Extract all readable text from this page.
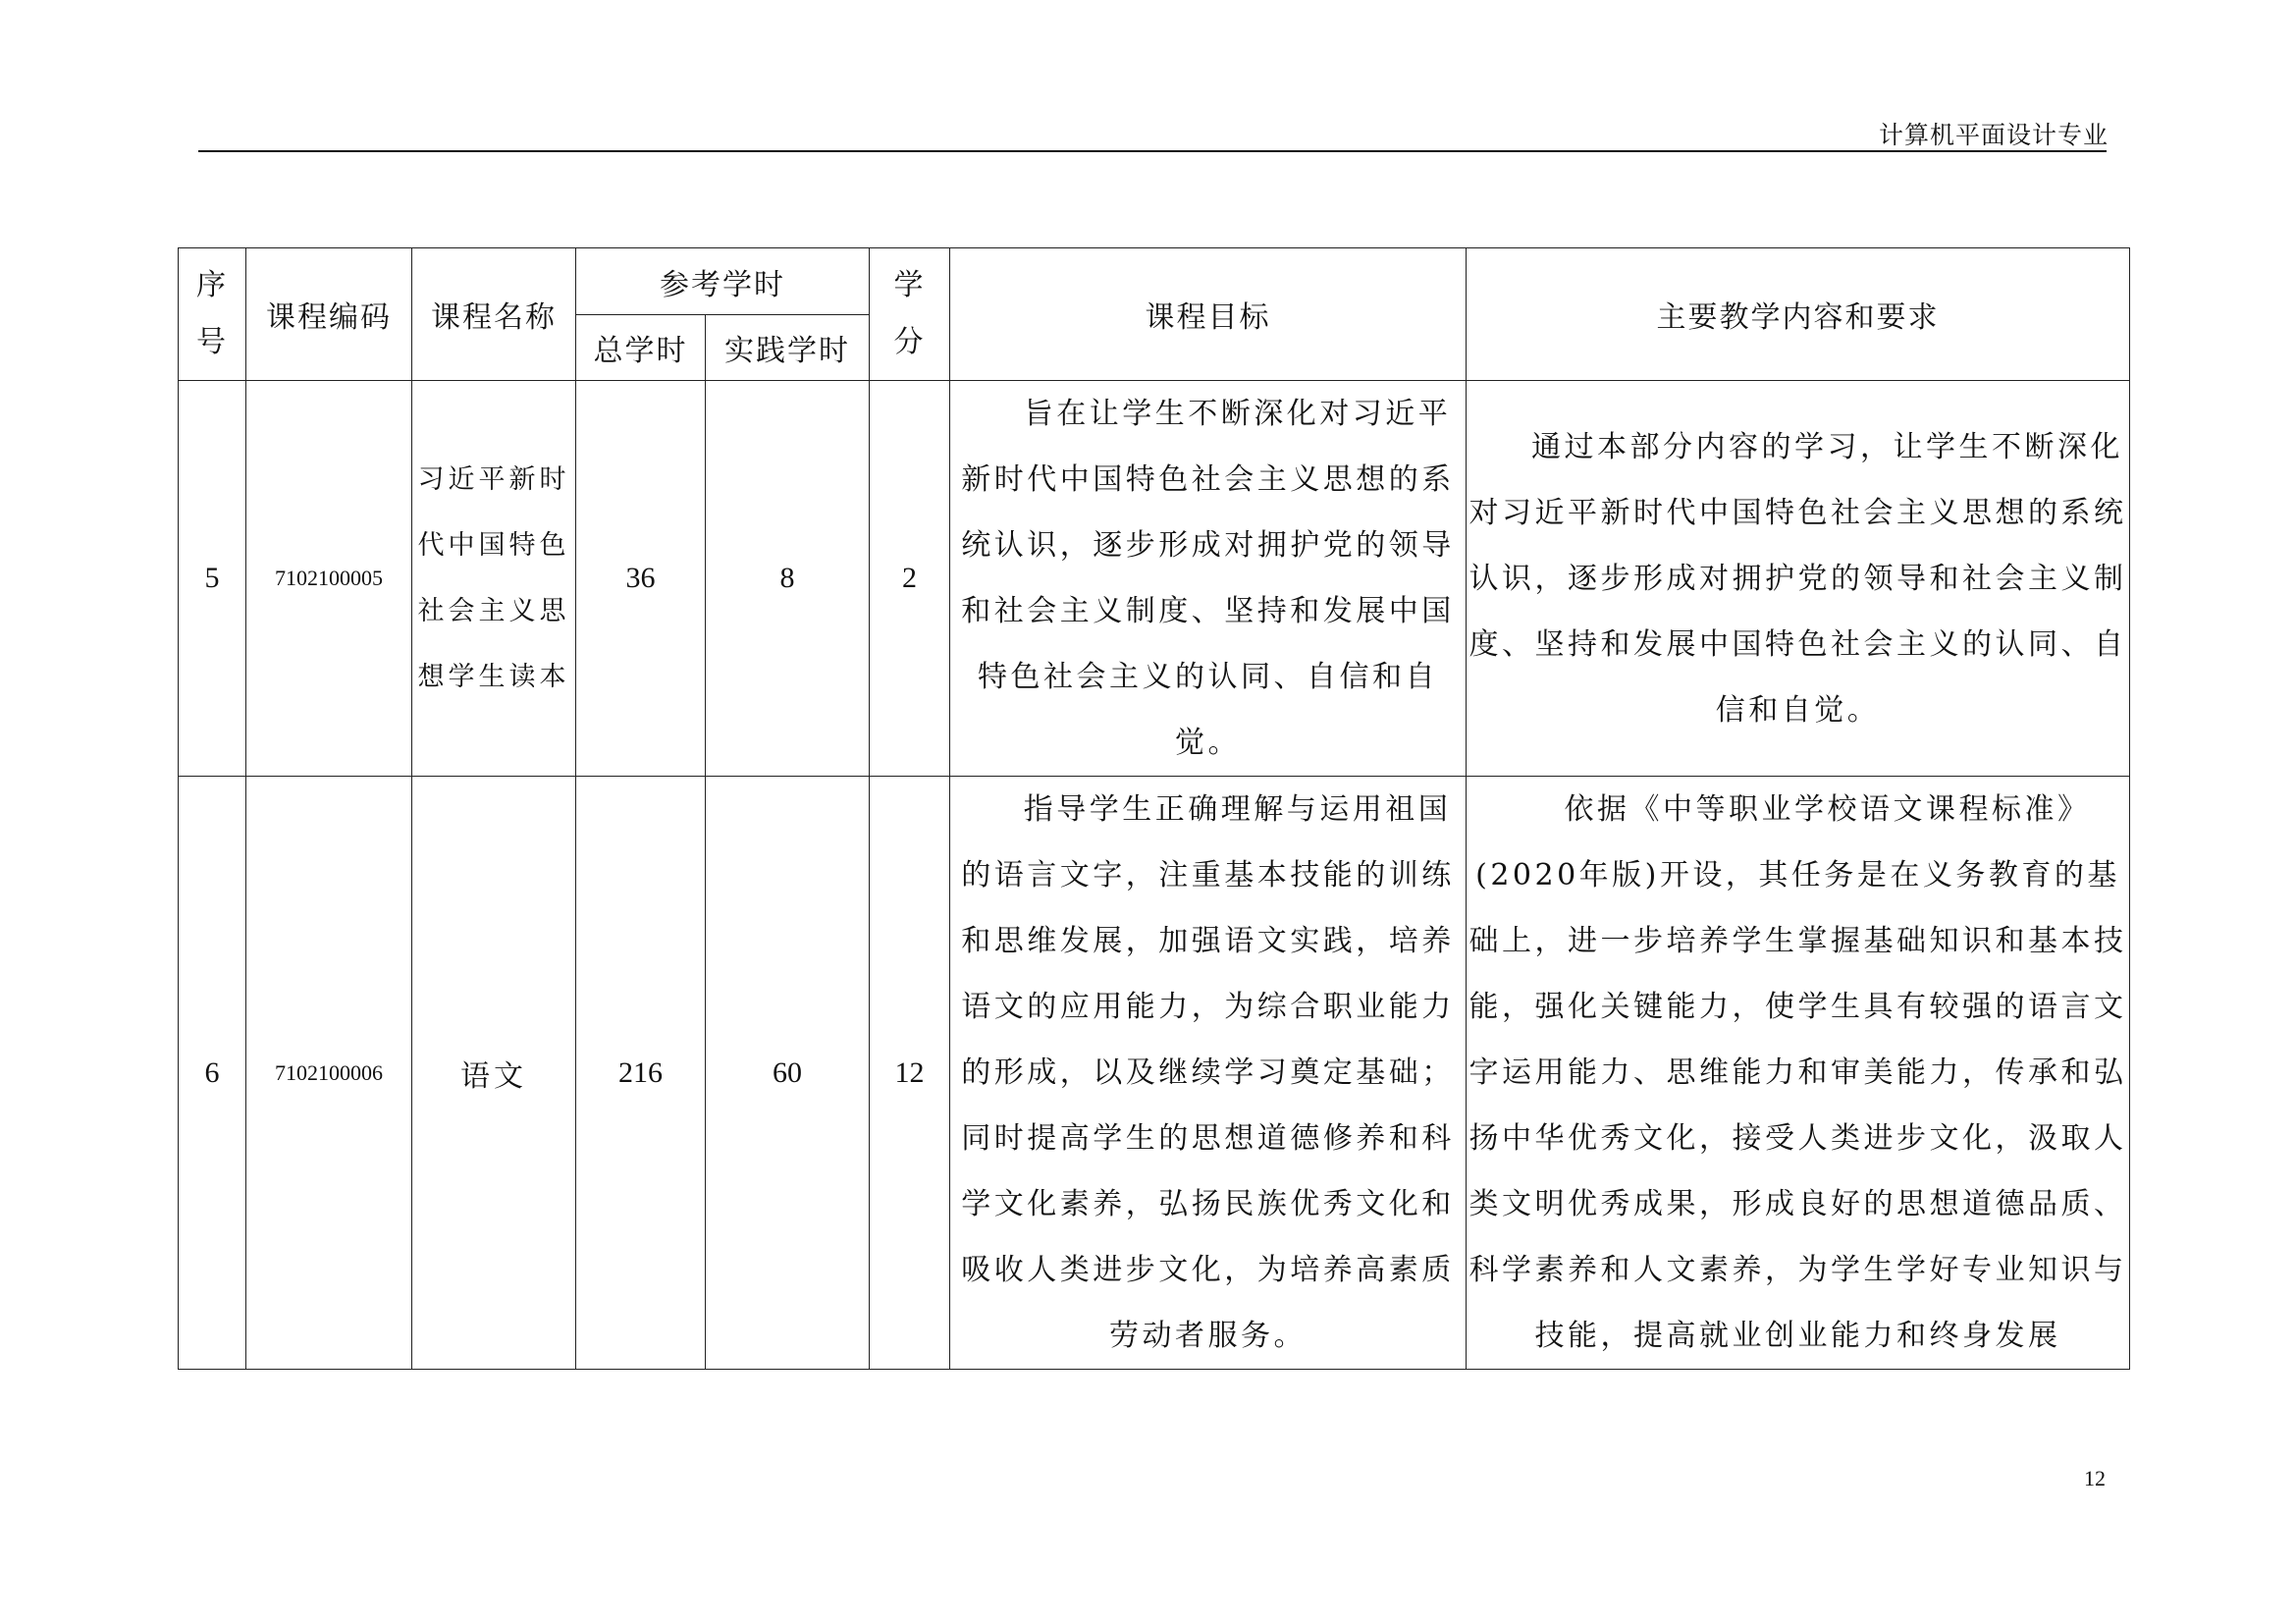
计算机平面设计专业
序号	课程编码	课程名称	参考学时		学分	课程目标	主要教学内容和要求
			总学时	实践学时			
5	7102100005	习近平新时代中国特色社会主义思想学生读本	36	8	2	旨在让学生不断深化对习近平新时代中国特色社会主义思想的系统认识，逐步形成对拥护党的领导和社会主义制度、坚持和发展中国特色社会主义的认同、自信和自觉。	通过本部分内容的学习，让学生不断深化对习近平新时代中国特色社会主义思想的系统认识，逐步形成对拥护党的领导和社会主义制度、坚持和发展中国特色社会主义的认同、自信和自觉。

6	7102100006	语文	216	60	12	指导学生正确理解与运用祖国的语言文字，注重基本技能的训练和思维发展，加强语文实践，培养语文的应用能力，为综合职业能力的形成，以及继续学习奠定基础；同时提高学生的思想道德修养和科学文化素养，弘扬民族优秀文化和吸收人类进步文化，为培养高素质劳动者服务。	依据《中等职业学校语文课程标准》(2020年版)开设，其任务是在义务教育的基础上，进一步培养学生掌握基础知识和基本技能，强化关键能力，使学生具有较强的语言文字运用能力、思维能力和审美能力，传承和弘扬中华优秀文化，接受人类进步文化，汲取人类文明优秀成果，形成良好的思想道德品质、科学素养和人文素养，为学生学好专业知识与技能，提高就业创业能力和终身发展
12
